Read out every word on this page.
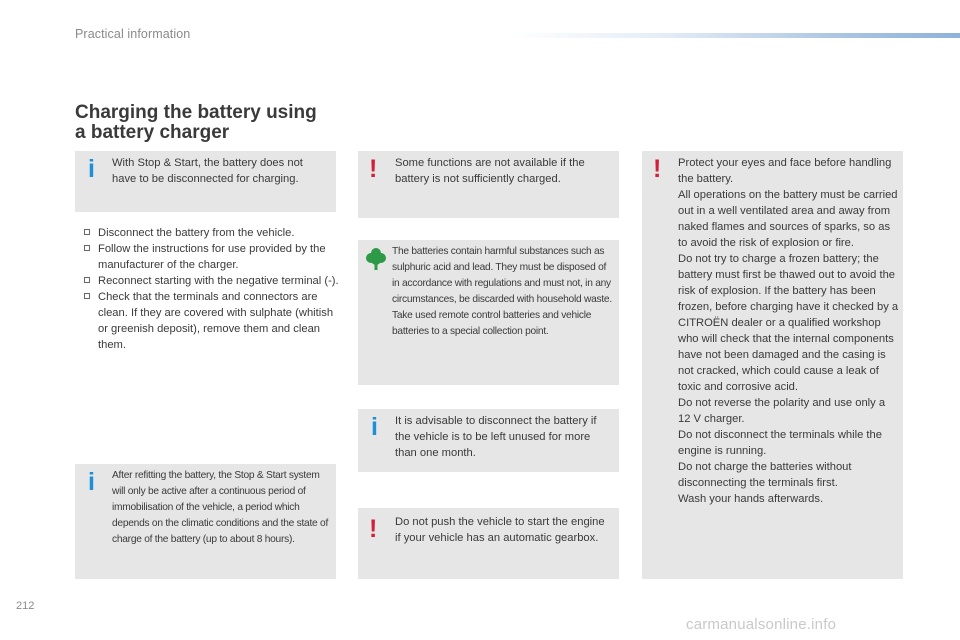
Practical information
Charging the battery using
a battery charger
i With Stop & Start, the battery does not have to be disconnected for charging.

Disconnect the battery from the vehicle.
Follow the instructions for use provided by the manufacturer of the charger.
Reconnect starting with the negative terminal (-).
Check that the terminals and connectors are clean. If they are covered with sulphate (whitish or greenish deposit), remove them and clean them.
i After refitting the battery, the Stop & Start system will only be active after a continuous period of immobilisation of the vehicle, a period which depends on the climatic conditions and the state of charge of the battery (up to about 8 hours).

! Some functions are not available if the battery is not sufficiently charged.

The batteries contain harmful substances such as sulphuric acid and lead. They must be disposed of in accordance with regulations and must not, in any circumstances, be discarded with household waste.
Take used remote control batteries and vehicle batteries to a special collection point.

i It is advisable to disconnect the battery if the vehicle is to be left unused for more than one month.

! Do not push the vehicle to start the engine if your vehicle has an automatic gearbox.

! Protect your eyes and face before handling the battery.
All operations on the battery must be carried out in a well ventilated area and away from naked flames and sources of sparks, so as to avoid the risk of explosion or fire.
Do not try to charge a frozen battery; the battery must first be thawed out to avoid the risk of explosion. If the battery has been frozen, before charging have it checked by a CITROËN dealer or a qualified workshop who will check that the internal components have not been damaged and the casing is not cracked, which could cause a leak of toxic and corrosive acid.
Do not reverse the polarity and use only a 12 V charger.
Do not disconnect the terminals while the engine is running.
Do not charge the batteries without disconnecting the terminals first.
Wash your hands afterwards.

212
carmanualsonline.info
